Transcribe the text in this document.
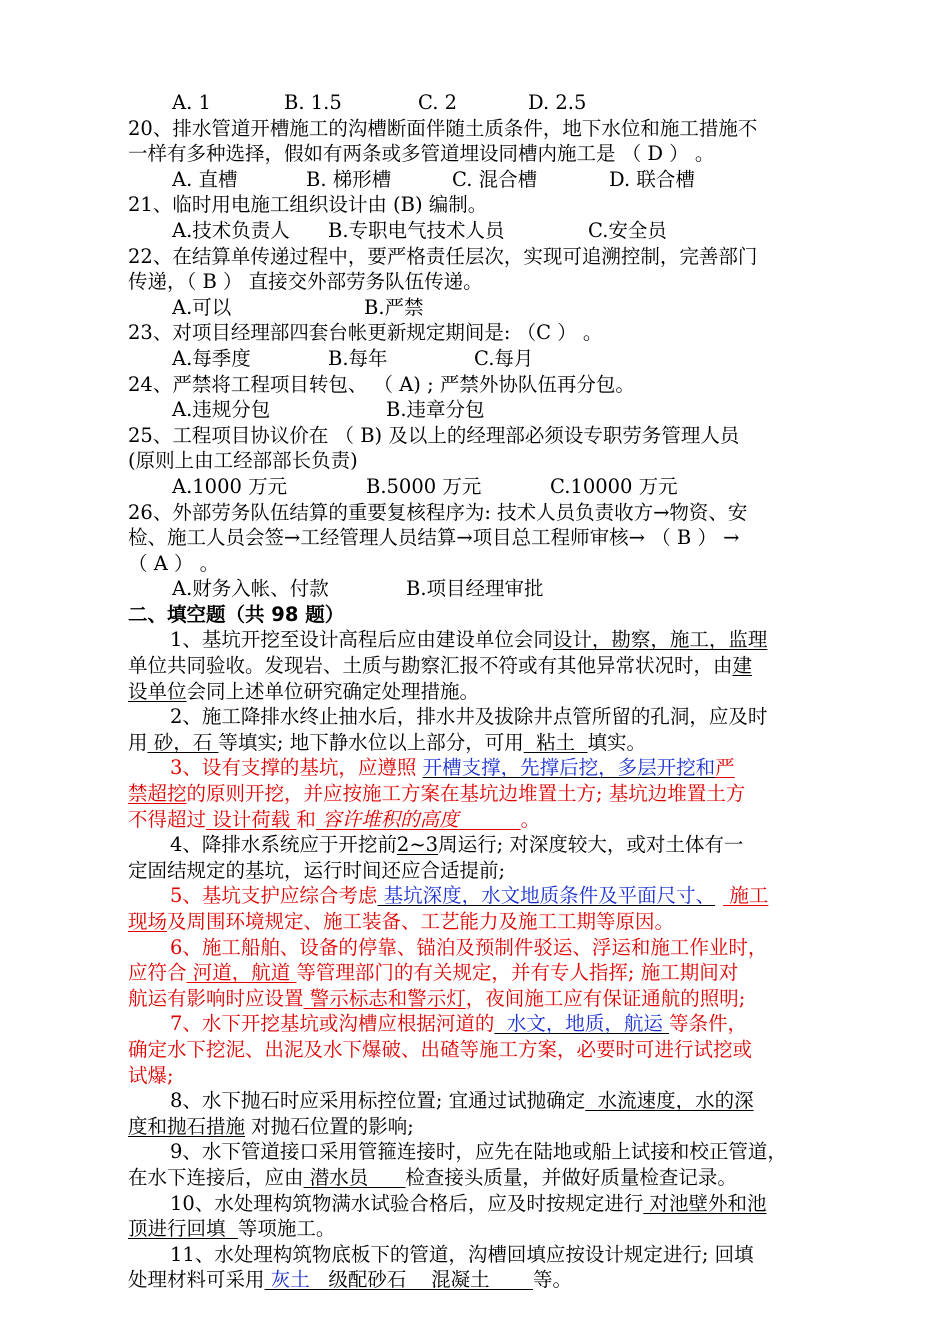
A. 1	B. 1.5	C. 2	D. 2.5
20、排水管道开槽施工的沟槽断面伴随土质条件，地下水位和施工措施不
一样有多种选择，假如有两条或多管道埋设同槽内施工是 （ D ） 。
A. 直槽	B. 梯形槽	C. 混合槽	D. 联合槽
21、临时用电施工组织设计由 (B) 编制。
A.技术负责人 B.专职电气技术人员	C.安全员
22、在结算单传递过程中，要严格责任层次，实现可追溯控制，完善部门
传递，（ B ） 直接交外部劳务队伍传递。
A.可以	B.严禁
23、对项目经理部四套台帐更新规定期间是: （C ） 。
A.每季度	B.每年	C.每月
24、严禁将工程项目转包、 （ A) ; 严禁外协队伍再分包。
A.违规分包	B.违章分包
25、工程项目协议价在 （ B) 及以上的经理部必须设专职劳务管理人员
(原则上由工经部部长负责)
A.1000 万元	B.5000 万元	C.10000 万元
26、外部劳务队伍结算的重要复核程序为: 技术人员负责收方→物资、安
检、施工人员会签→工经管理人员结算→项目总工程师审核→ （ B ） →
（ A ） 。
A.财务入帐、付款	B.项目经理审批
二、填空题（共 98 题）
1、基坑开挖至设计高程后应由建设单位会同设计，勘察，施工，监理
单位共同验收。发现岩、土质与勘察汇报不符或有其他异常状况时，由建
设单位会同上述单位研究确定处理措施。
2、施工降排水终止抽水后，排水井及拔除井点管所留的孔洞，应及时
用 砂，石 等填实; 地下静水位以上部分，可用  粘土  填实。
3、设有支撑的基坑，应遵照 开槽支撑，先撑后挖，多层开挖和严
禁超挖的原则开挖，并应按施工方案在基坑边堆置土方; 基坑边堆置土方
不得超过 设计荷载 和 容许堆积的高度          。
4、降排水系统应于开挖前2~3周运行; 对深度较大，或对土体有一
定固结规定的基坑，运行时间还应合适提前;
5、基坑支护应综合考虑 基坑深度，水文地质条件及平面尺寸、 施工
现场及周围环境规定、施工装备、工艺能力及施工工期等原因。
6、施工船舶、设备的停靠、锚泊及预制件驳运、浮运和施工作业时，
应符合 河道，航道 等管理部门的有关规定，并有专人指挥; 施工期间对
航运有影响时应设置 警示标志和警示灯，夜间施工应有保证通航的照明;
7、水下开挖基坑或沟槽应根据河道的  水文，地质，航运 等条件，
确定水下挖泥、出泥及水下爆破、出碴等施工方案，必要时可进行试挖或
试爆;
8、水下抛石时应采用标控位置; 宜通过试抛确定  水流速度，水的深
度和抛石措施 对抛石位置的影响;
9、水下管道接口采用管箍连接时，应先在陆地或船上试接和校正管道，
在水下连接后，应由 潜水员      检查接头质量，并做好质量检查记录。
10、水处理构筑物满水试验合格后，应及时按规定进行 对池壁外和池
顶进行回填  等项施工。
11、水处理构筑物底板下的管道，沟槽回填应按设计规定进行; 回填
处理材料可采用 灰土   级配砂石    混凝土       等。
